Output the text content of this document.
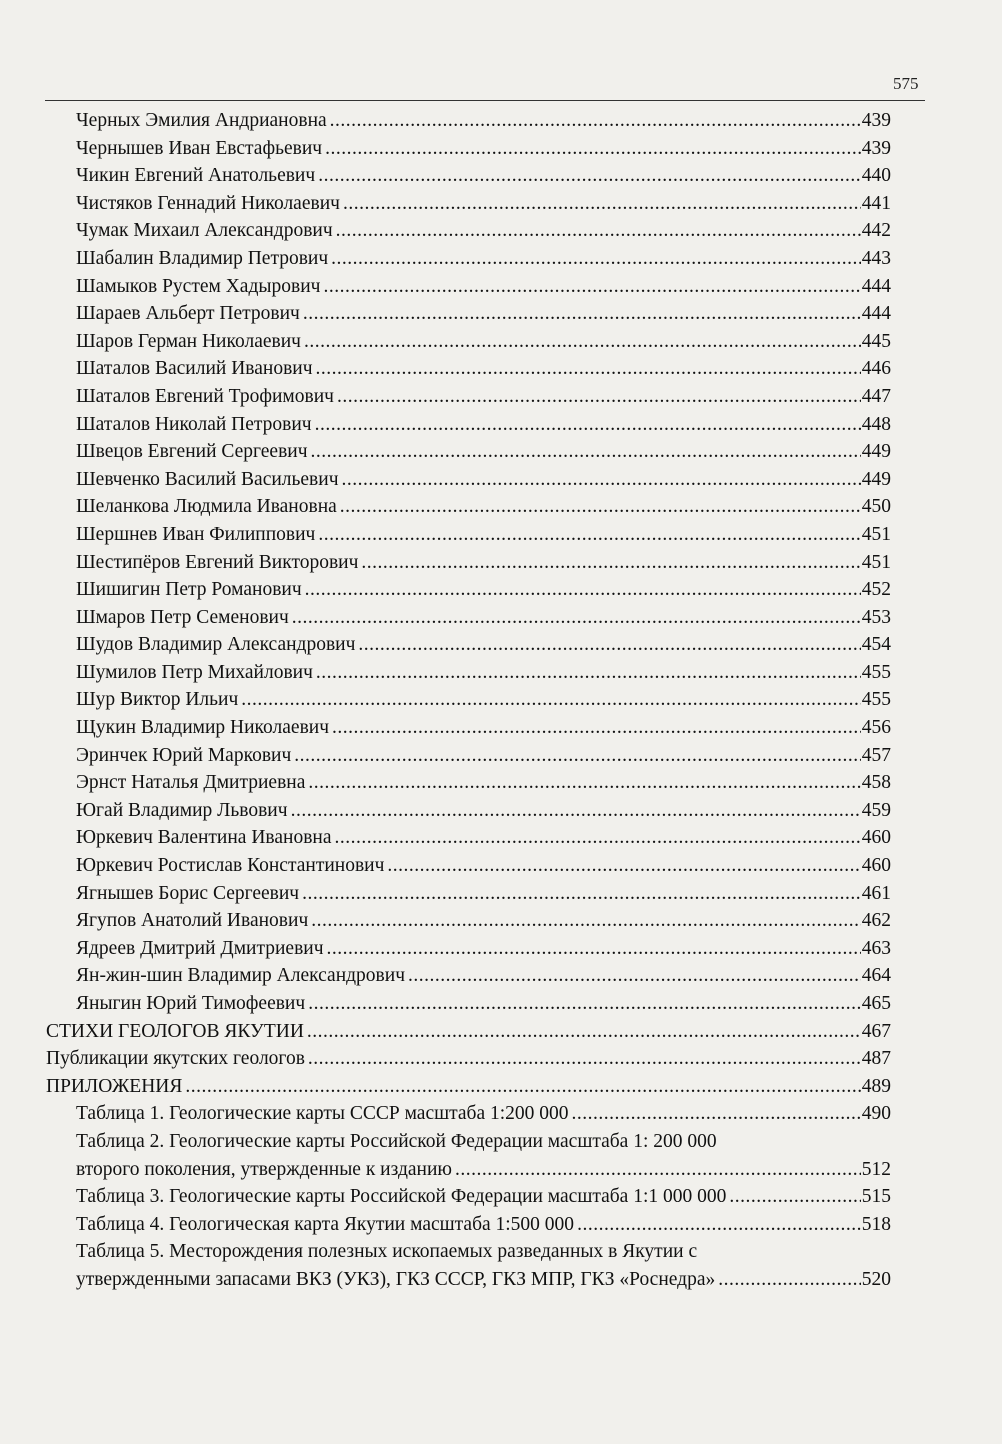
575
Черных Эмилия Андриановна .....	439
Чернышев Иван Евстафьевич .....	439
Чикин Евгений Анатольевич .....	440
Чистяков Геннадий Николаевич .....	441
Чумак Михаил Александрович .....	442
Шабалин Владимир Петрович .....	443
Шамыков Рустем Хадырович .....	444
Шараев Альберт Петрович .....	444
Шаров Герман Николаевич .....	445
Шаталов Василий Иванович .....	446
Шаталов Евгений Трофимович .....	447
Шаталов Николай Петрович .....	448
Швецов Евгений Сергеевич .....	449
Шевченко Василий Васильевич .....	449
Шеланкова Людмила Ивановна .....	450
Шершнев Иван Филиппович .....	451
Шестипёров Евгений Викторович .....	451
Шишигин Петр Романович .....	452
Шмаров Петр Семенович .....	453
Шудов Владимир Александрович .....	454
Шумилов Петр Михайлович .....	455
Шур Виктор Ильич .....	455
Щукин Владимир Николаевич .....	456
Эринчек Юрий Маркович .....	457
Эрнст Наталья Дмитриевна .....	458
Югай Владимир Львович .....	459
Юркевич Валентина Ивановна .....	460
Юркевич Ростислав Константинович .....	460
Ягнышев Борис Сергеевич .....	461
Ягупов Анатолий Иванович .....	462
Ядреев Дмитрий Дмитриевич .....	463
Ян-жин-шин Владимир Александрович .....	464
Яныгин Юрий Тимофеевич .....	465
СТИХИ ГЕОЛОГОВ ЯКУТИИ .....	467
Публикации якутских геологов .....	487
ПРИЛОЖЕНИЯ .....	489
Таблица 1. Геологические карты СССР масштаба 1:200 000 .....	490
Таблица 2. Геологические карты Российской Федерации масштаба 1: 200 000
второго поколения, утвержденные к изданию .....	512
Таблица 3. Геологические карты Российской Федерации масштаба 1:1 000 000 .....	515
Таблица 4. Геологическая карта Якутии масштаба 1:500 000 .....	518
Таблица 5. Месторождения полезных ископаемых разведанных в Якутии с
утвержденными запасами ВКЗ (УКЗ), ГКЗ СССР, ГКЗ МПР, ГКЗ «Роснедра» .....	520
